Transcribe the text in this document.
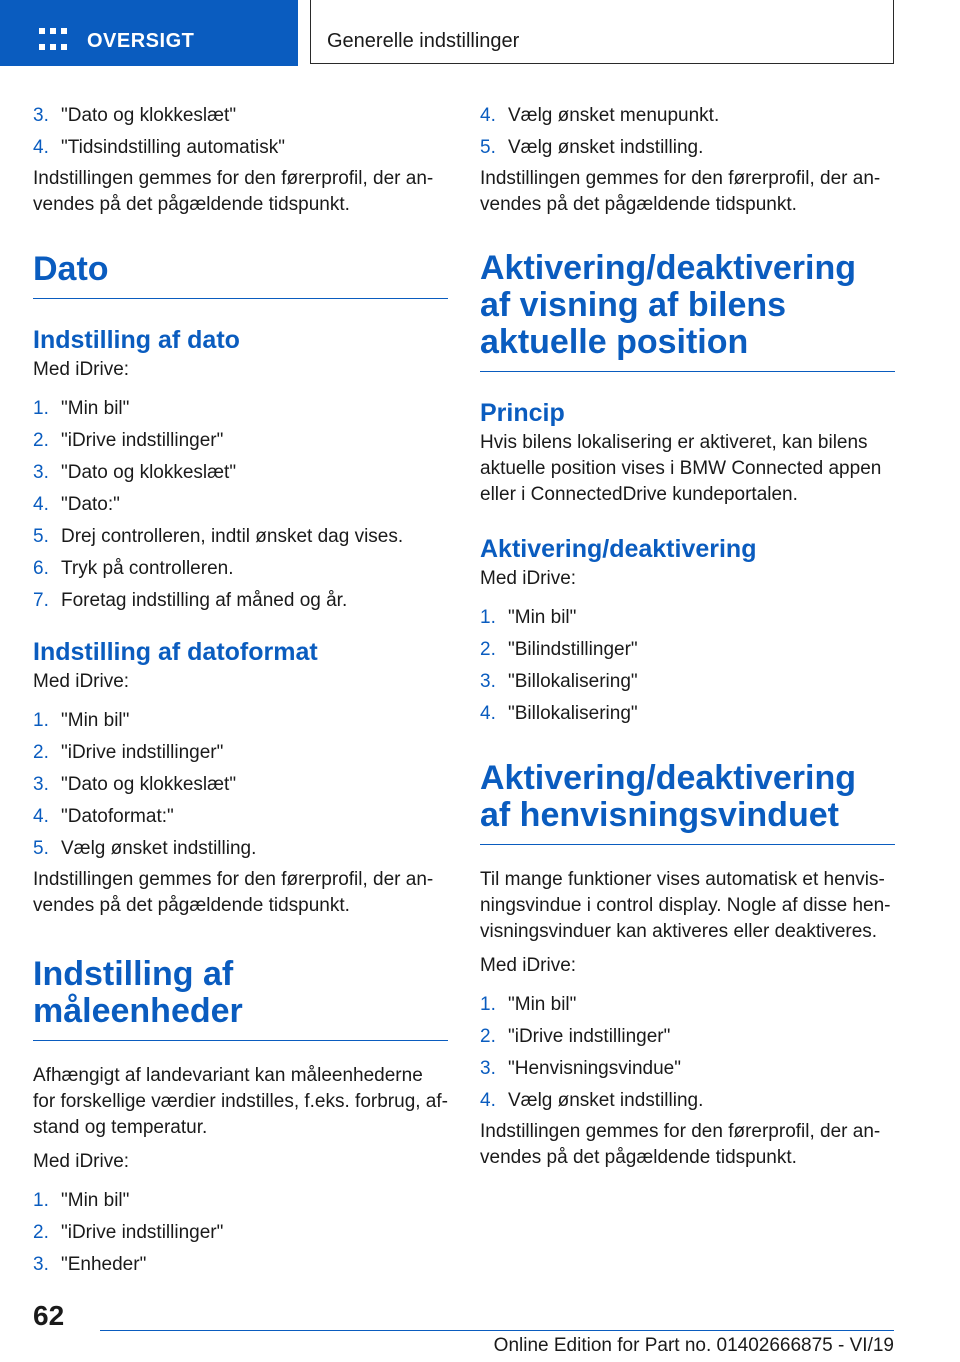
OVERSIGT	Generelle indstillinger
3. "Dato og klokkeslæt"
4. "Tidsindstilling automatisk"

Indstillingen gemmes for den førerprofil, der anvendes på det pågældende tidspunkt.

Dato
Indstilling af dato

Med iDrive:

1. "Min bil"
2. "iDrive indstillinger"
3. "Dato og klokkeslæt"
4. "Dato:"
5. Drej controlleren, indtil ønsket dag vises.
6. Tryk på controlleren.
7. Foretag indstilling af måned og år.
Indstilling af datoformat

Med iDrive:

1. "Min bil"
2. "iDrive indstillinger"
3. "Dato og klokkeslæt"
4. "Datoformat:"
5. Vælg ønsket indstilling.

Indstillingen gemmes for den førerprofil, der anvendes på det pågældende tidspunkt.

Indstilling af måleenheder

Afhængigt af landevariant kan måleenhederne for forskellige værdier indstilles, f.eks. forbrug, afstand og temperatur.

Med iDrive:

1. "Min bil"
2. "iDrive indstillinger"
3. "Enheder"
4. Vælg ønsket menupunkt.
5. Vælg ønsket indstilling.

Indstillingen gemmes for den førerprofil, der anvendes på det pågældende tidspunkt.

Aktivering/deaktivering af visning af bilens aktuelle position
Princip

Hvis bilens lokalisering er aktiveret, kan bilens aktuelle position vises i BMW Connected appen eller i ConnectedDrive kundeportalen.

Aktivering/deaktivering

Med iDrive:

1. "Min bil"
2. "Bilindstillinger"
3. "Billokalisering"
4. "Billokalisering"
Aktivering/deaktivering af henvisningsvinduet

Til mange funktioner vises automatisk et henvisningsvindue i control display. Nogle af disse henvisningsvinduer kan aktiveres eller deaktiveres.

Med iDrive:

1. "Min bil"
2. "iDrive indstillinger"
3. "Henvisningsvindue"
4. Vælg ønsket indstilling.

Indstillingen gemmes for den førerprofil, der anvendes på det pågældende tidspunkt.

62
Online Edition for Part no. 01402666875 - VI/19
